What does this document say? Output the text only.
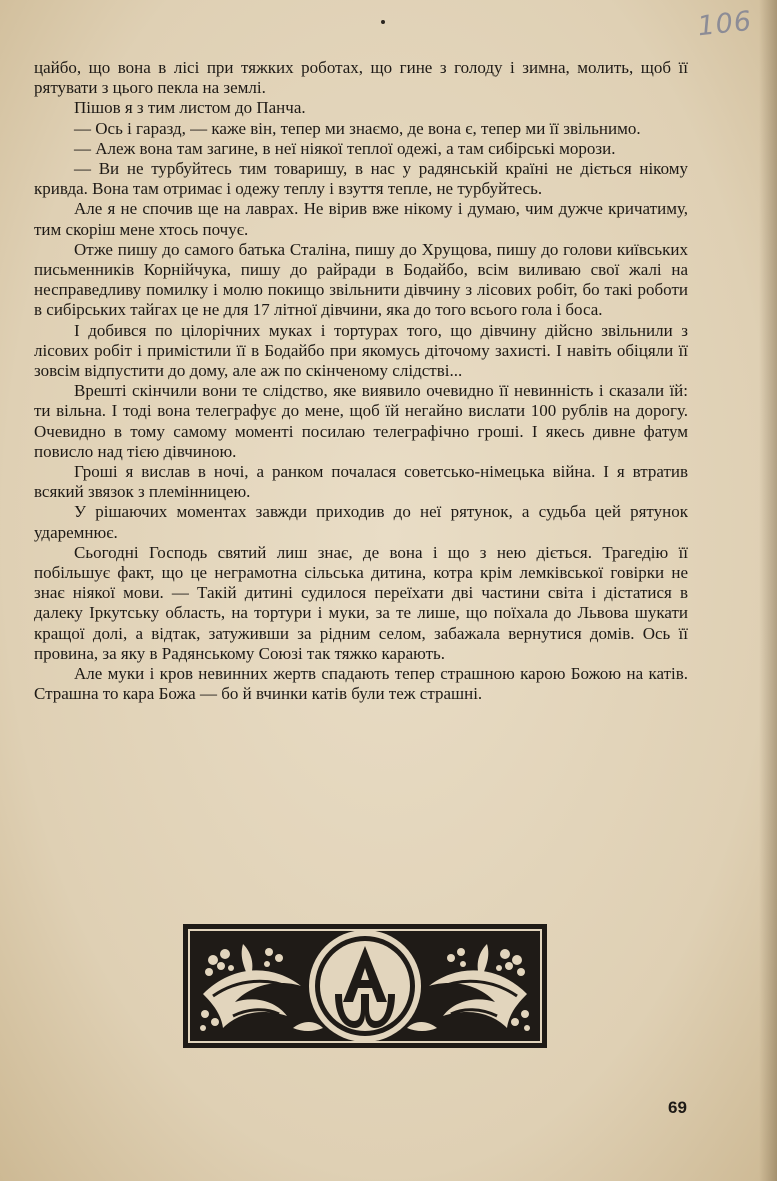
106

цайбо, що вона в лісі при тяжких роботах, що гине з голоду і зимна, молить, щоб її рятувати з цього пекла на землі.

Пішов я з тим листом до Панча.

— Ось і гаразд, — каже він, тепер ми знаємо, де вона є, тепер ми її звільнимо.

— Алеж вона там загине, в неї ніякої теплої одежі, а там сибірські морози.

— Ви не турбуйтесь тим товаришу, в нас у радянській країні не діється нікому кривда. Вона там отримає і одежу теплу і взуття тепле, не турбуйтесь.

Але я не спочив ще на лаврах. Не вірив вже нікому і думаю, чим дужче кричатиму, тим скоріш мене хтось почує.

Отже пишу до самого батька Сталіна, пишу до Хрущова, пишу до голови київських письменників Корнійчука, пишу до райради в Бодайбо, всім виливаю свої жалі на несправедливу помилку і молю покищо звільнити дівчину з лісових робіт, бо такі роботи в сибірських тайгах це не для 17 літної дівчини, яка до того всього гола і боса.

І добився по цілорічних муках і тортурах того, що дівчину дійсно звільнили з лісових робіт і примістили її в Бодайбо при якомусь діточому захисті. І навіть обіцяли її зовсім відпустити до дому, але аж по скінченому слідстві...

Врешті скінчили вони те слідство, яке виявило очевидно її невинність і сказали їй: ти вільна. І тоді вона телеграфує до мене, щоб їй негайно вислати 100 рублів на дорогу. Очевидно в тому самому моменті посилаю телеграфічно гроші. І якесь дивне фатум повисло над тією дівчиною.

Гроші я вислав в ночі, а ранком почалася советсько-німецька війна. І я втратив всякий звязок з племінницею.

У рішаючих моментах завжди приходив до неї рятунок, а судьба цей рятунок ударемнює.

Сьогодні Господь святий лиш знає, де вона і що з нею діється. Трагедію її побільшує факт, що це неграмотна сільська дитина, котра крім лемківської говірки не знає ніякої мови. — Такій дитині судилося переїхати дві частини світа і дістатися в далеку Іркутську область, на тортури і муки, за те лише, що поїхала до Львова шукати кращої долі, а відтак, затуживши за рідним селом, забажала вернутися домів. Ось її провина, за яку в Радянському Союзі так тяжко карають.

Але муки і кров невинних жертв спадають тепер страшною карою Божою на катів. Страшна то кара Божа — бо й вчинки катів були теж страшні.

69
